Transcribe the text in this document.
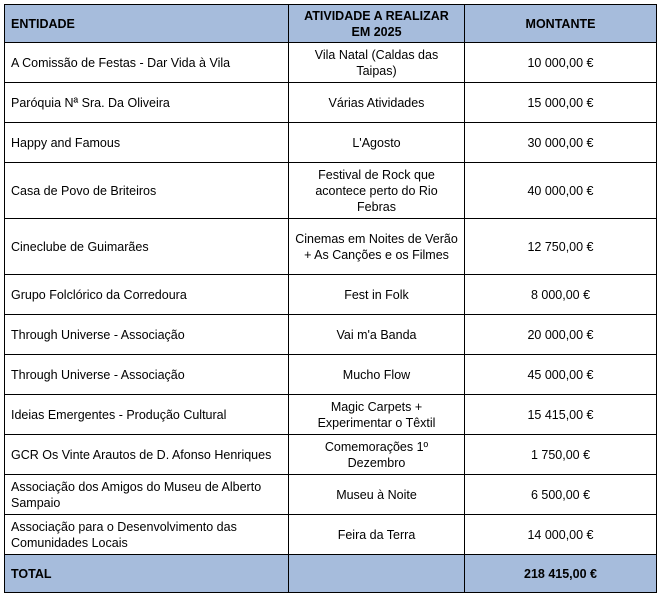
ENTIDADE	ATIVIDADE A REALIZAR EM 2025	MONTANTE
A Comissão de Festas - Dar Vida à Vila	Vila Natal (Caldas das Taipas)	10 000,00 €
Paróquia Nª Sra. Da Oliveira	Várias Atividades	15 000,00 €
Happy and Famous	L'Agosto	30 000,00 €
Casa de Povo de Briteiros	Festival de Rock que acontece perto do Rio Febras	40 000,00 €
Cineclube de Guimarães	Cinemas em Noites de Verão + As Canções e os Filmes	12 750,00 €
Grupo Folclórico da Corredoura	Fest in Folk	8 000,00 €
Through Universe - Associação	Vai m'a Banda	20 000,00 €
Through Universe - Associação	Mucho Flow	45 000,00 €
Ideias Emergentes - Produção Cultural	Magic Carpets + Experimentar o Têxtil	15 415,00 €
GCR Os Vinte Arautos de D. Afonso Henriques	Comemorações 1º Dezembro	1 750,00 €
Associação dos Amigos do Museu de Alberto Sampaio	Museu à Noite	6 500,00 €
Associação para o Desenvolvimento das Comunidades Locais	Feira da Terra	14 000,00 €
TOTAL		218 415,00 €
